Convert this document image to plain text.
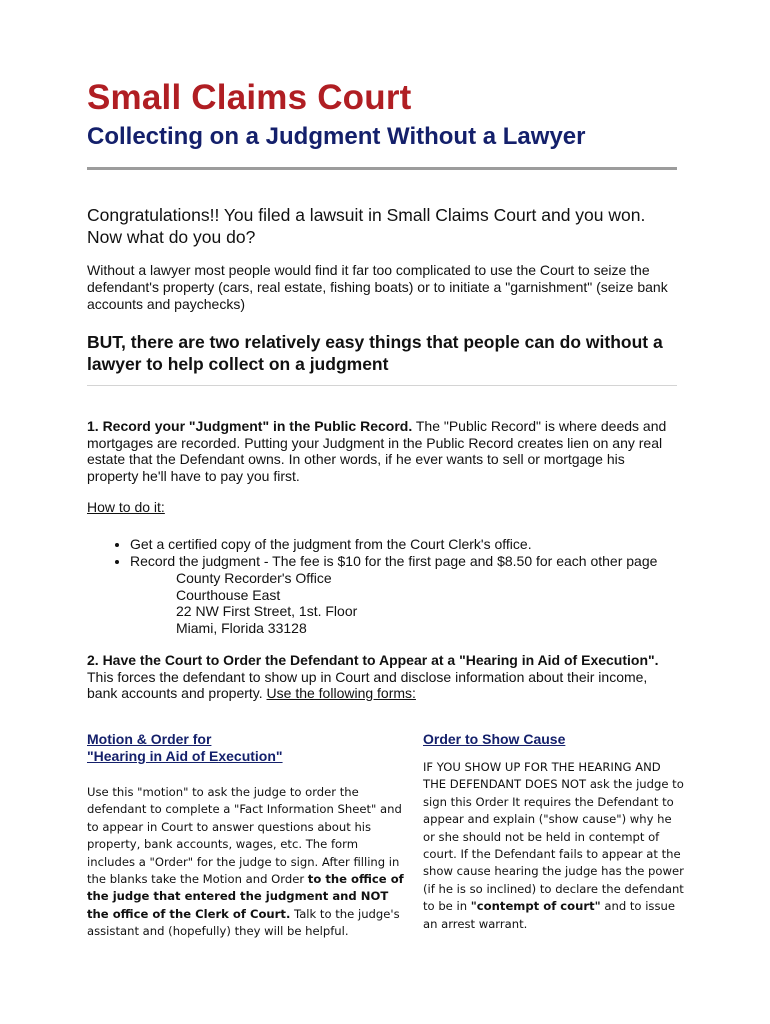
Small Claims Court
Collecting on a Judgment Without a Lawyer
Congratulations!! You filed a lawsuit in Small Claims Court and you won. Now what do you do?
Without a lawyer most people would find it far too complicated to use the Court to seize the defendant's property (cars, real estate, fishing boats) or to initiate a "garnishment" (seize bank accounts and paychecks)
BUT, there are two relatively easy things that people can do without a lawyer to help collect on a judgment
1. Record your "Judgment" in the Public Record. The "Public Record" is where deeds and mortgages are recorded. Putting your Judgment in the Public Record creates lien on any real estate that the Defendant owns. In other words, if he ever wants to sell or mortgage his property he'll have to pay you first.
How to do it:
• Get a certified copy of the judgment from the Court Clerk's office.
• Record the judgment - The fee is $10 for the first page and $8.50 for each other page
County Recorder's Office
Courthouse East
22 NW First Street, 1st. Floor
Miami, Florida 33128
2. Have the Court to Order the Defendant to Appear at a "Hearing in Aid of Execution". This forces the defendant to show up in Court and disclose information about their income, bank accounts and property. Use the following forms:
Motion & Order for
"Hearing in Aid of Execution"
Use this "motion" to ask the judge to order the defendant to complete a "Fact Information Sheet" and to appear in Court to answer questions about his property, bank accounts, wages, etc. The form includes a "Order" for the judge to sign. After filling in the blanks take the Motion and Order to the office of the judge that entered the judgment and NOT the office of the Clerk of Court. Talk to the judge's assistant and (hopefully) they will be helpful.
Order to Show Cause
IF YOU SHOW UP FOR THE HEARING AND THE DEFENDANT DOES NOT ask the judge to sign this Order It requires the Defendant to appear and explain ("show cause") why he or she should not be held in contempt of court. If the Defendant fails to appear at the show cause hearing the judge has the power (if he is so inclined) to declare the defendant to be in "contempt of court" and to issue an arrest warrant.
